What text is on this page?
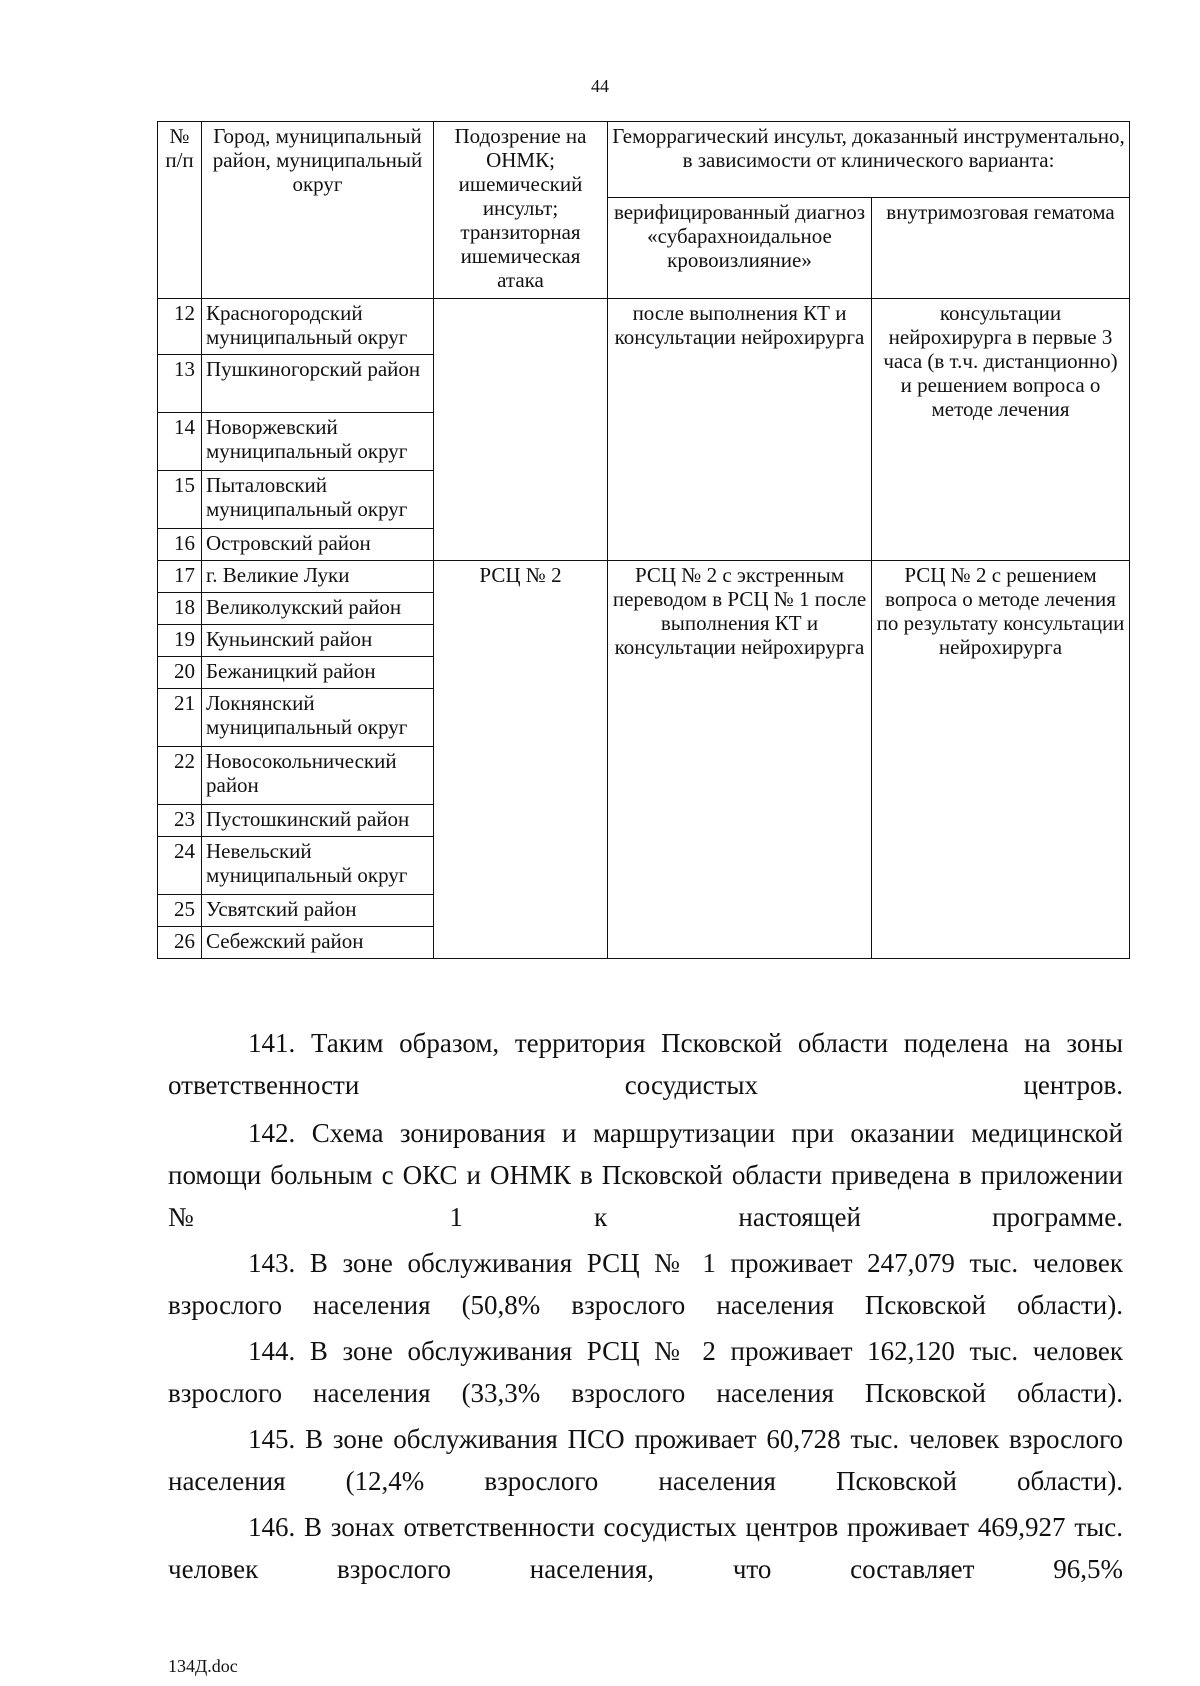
44
№ п/п	Город, муниципальный район, муниципальный округ	Подозрение на ОНМК; ишемический инсульт; транзиторная ишемическая атака	Геморрагический инсульт, доказанный инструментально, в зависимости от клинического варианта:	
			верифицированный диагноз «субарахноидальное кровоизлияние»	внутримозговая гематома
12	Красногородский муниципальный округ		после выполнения КТ и консультации нейрохирурга	консультации нейрохирурга в первые 3 часа (в т.ч. дистанционно) и решением вопроса о методе лечения
13	Пушкиногорский район			
14	Новоржевский муниципальный округ			
15	Пыталовский муниципальный округ			
16	Островский район			
17	г. Великие Луки	РСЦ № 2	РСЦ № 2 с экстренным переводом в РСЦ № 1 после выполнения КТ и консультации нейрохирурга	РСЦ № 2 с решением вопроса о методе лечения по результату консультации нейрохирурга
18	Великолукский район			
19	Куньинский район			
20	Бежаницкий район			
21	Локнянский муниципальный округ			
22	Новосокольнический район			
23	Пустошкинский район			
24	Невельский муниципальный округ			
25	Усвятский район			
26	Себежский район			
141. Таким образом, территория Псковской области поделена на зоны ответственности сосудистых центров.
142. Схема зонирования и маршрутизации при оказании медицинской помощи больным с ОКС и ОНМК в Псковской области приведена в приложении № 1 к настоящей программе.
143. В зоне обслуживания РСЦ № 1 проживает 247,079 тыс. человек взрослого населения (50,8% взрослого населения Псковской области).
144. В зоне обслуживания РСЦ № 2 проживает 162,120 тыс. человек взрослого населения (33,3% взрослого населения Псковской области).
145. В зоне обслуживания ПСО проживает 60,728 тыс. человек взрослого населения (12,4% взрослого населения Псковской области).
146. В зонах ответственности сосудистых центров проживает 469,927 тыс. человек взрослого населения, что составляет 96,5%
134Д.doc
